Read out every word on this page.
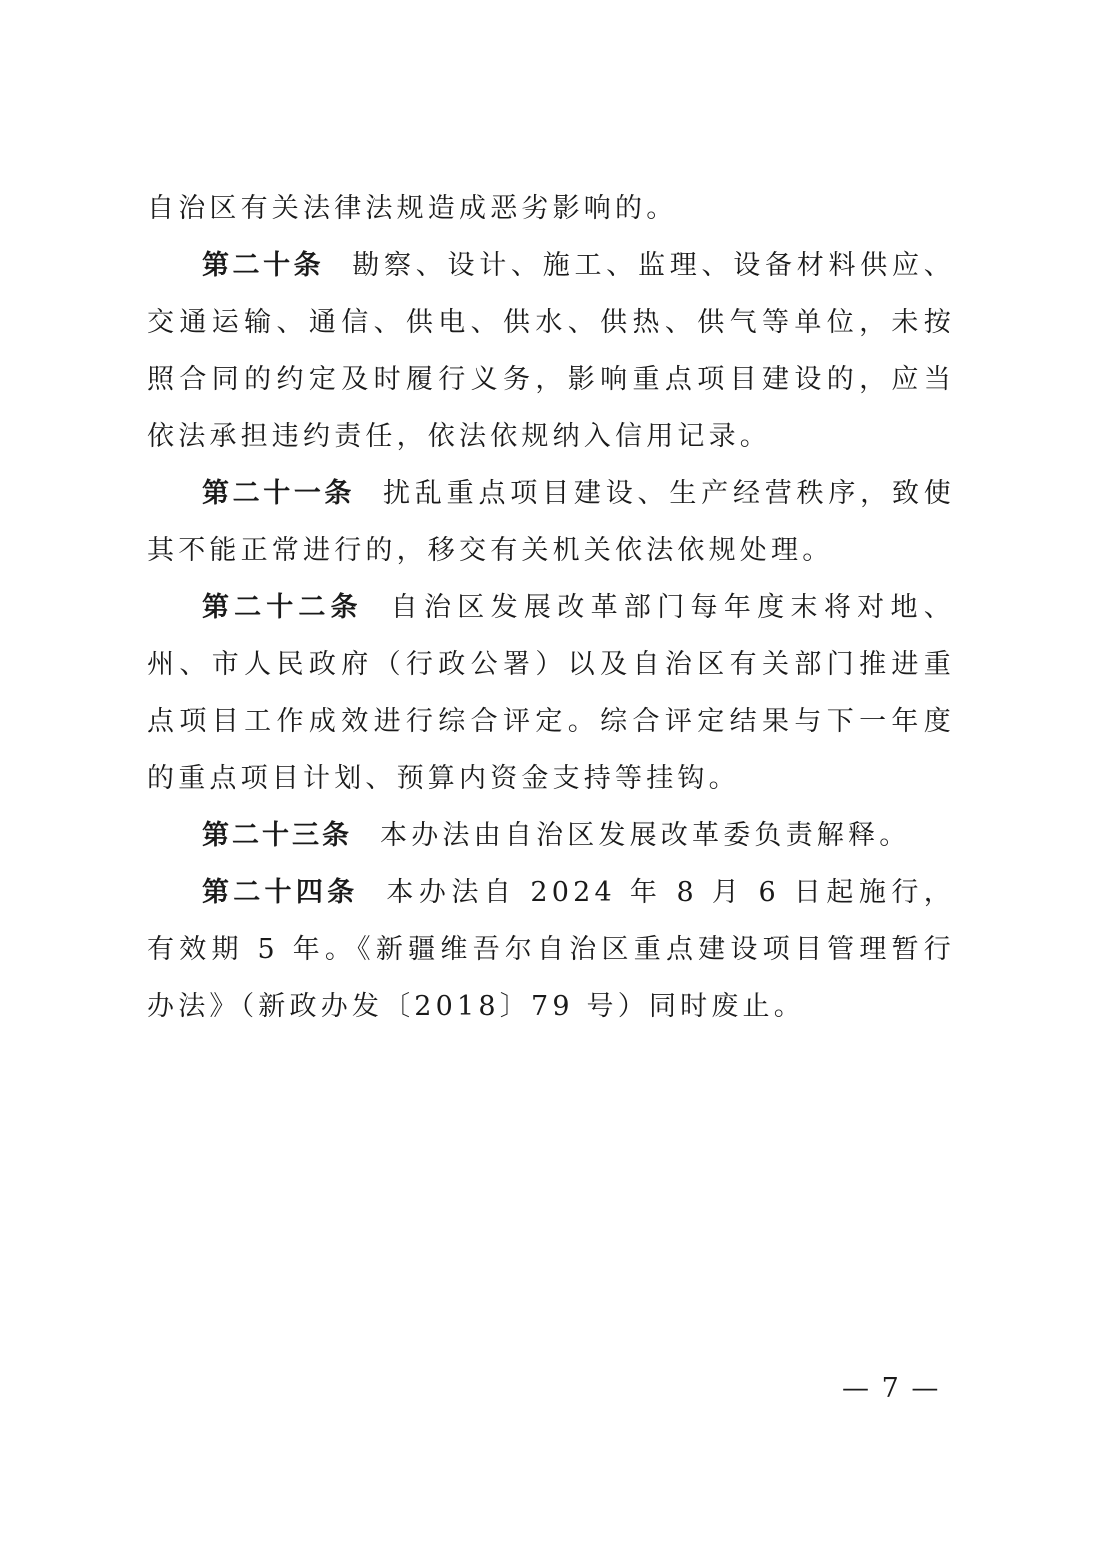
自治区有关法律法规造成恶劣影响的。

第二十条 勘察、设计、施工、监理、设备材料供应、交通运输、通信、供电、供水、供热、供气等单位，未按照合同的约定及时履行义务，影响重点项目建设的，应当依法承担违约责任，依法依规纳入信用记录。

第二十一条 扰乱重点项目建设、生产经营秩序，致使其不能正常进行的，移交有关机关依法依规处理。

第二十二条 自治区发展改革部门每年度末将对地、州、市人民政府（行政公署）以及自治区有关部门推进重点项目工作成效进行综合评定。综合评定结果与下一年度的重点项目计划、预算内资金支持等挂钩。

第二十三条 本办法由自治区发展改革委负责解释。

第二十四条 本办法自 2024 年 8 月 6 日起施行，有效期 5 年。《新疆维吾尔自治区重点建设项目管理暂行办法》（新政办发〔2018〕79 号）同时废止。

— 7 —
